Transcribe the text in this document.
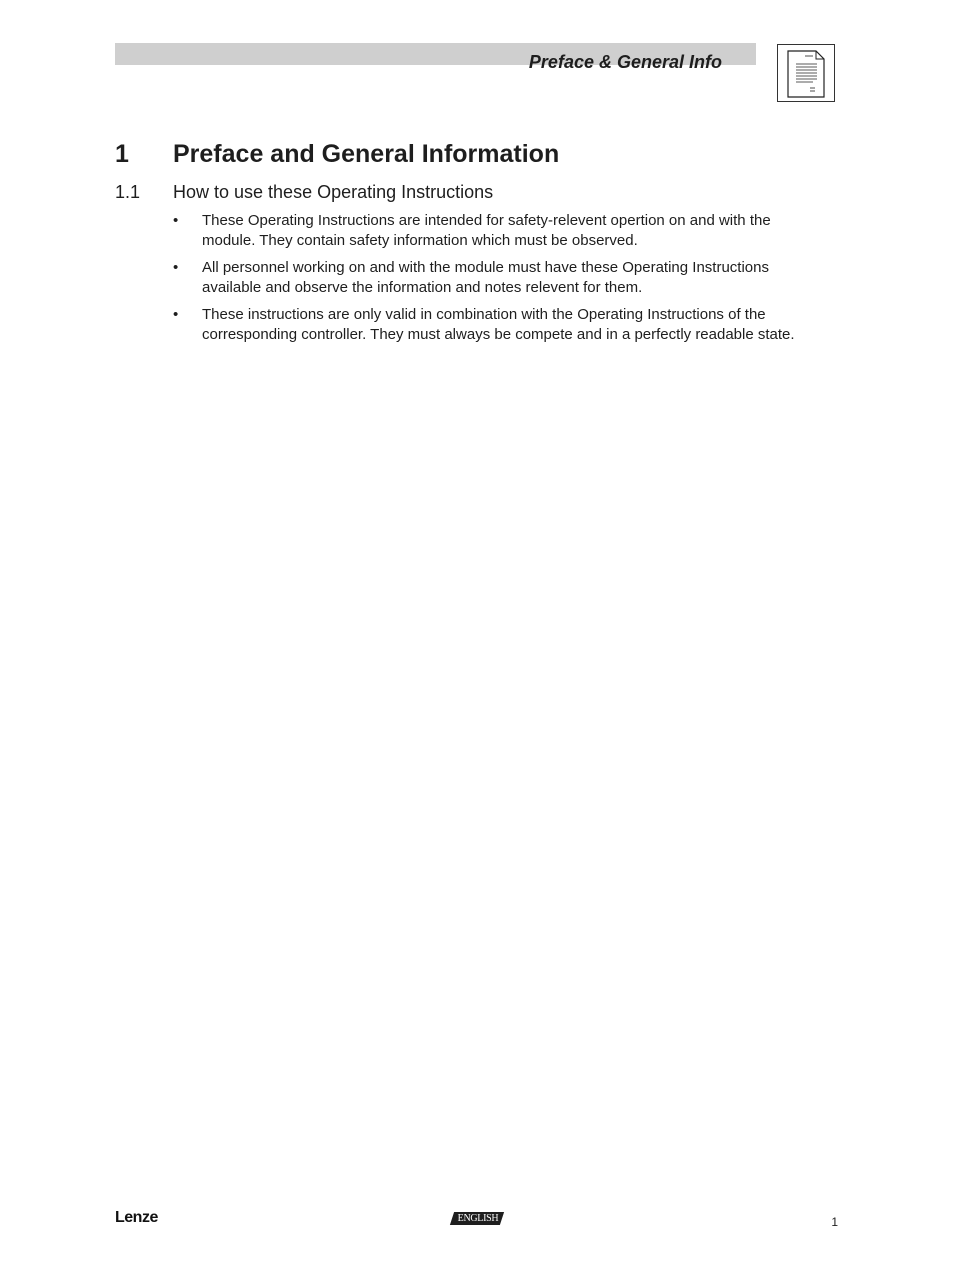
Preface & General Info
1 Preface and General Information
1.1 How to use these Operating Instructions
• These Operating Instructions are intended for safety-relevent opertion on and with the module. They contain safety information which must be observed.
• All personnel working on and with the module must have these Operating Instructions available and observe the information and notes relevent for them.
• These instructions are only valid in combination with the Operating Instructions of the corresponding controller. They must always be compete and in a perfectly readable state.
Lenze	ENGLISH	1
